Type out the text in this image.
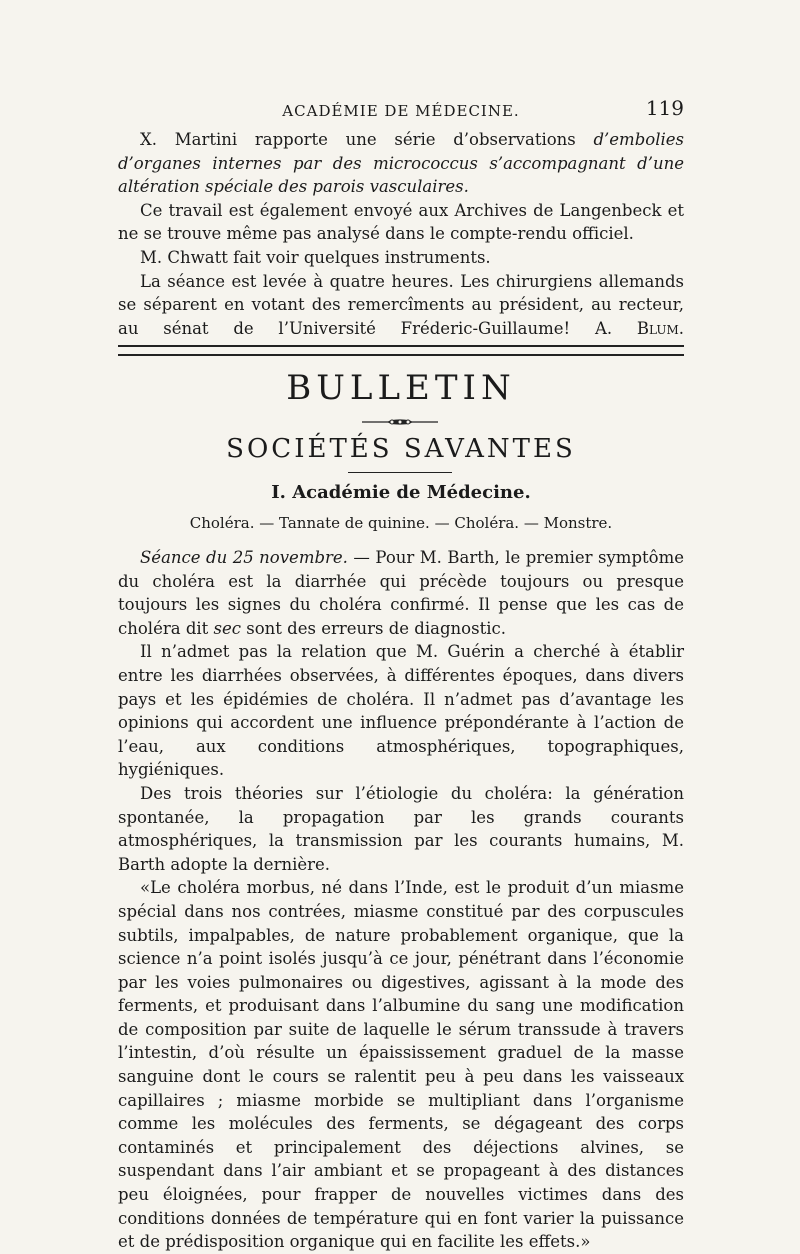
ACADÉMIE DE MÉDECINE.	119

X. Martini rapporte une série d’observations d’embolies d’organes internes par des micrococcus s’accompagnant d’une altération spéciale des parois vasculaires.

Ce travail est également envoyé aux Archives de Langenbeck et ne se trouve même pas analysé dans le compte-rendu officiel.

M. Chwatt fait voir quelques instruments.

La séance est levée à quatre heures. Les chirurgiens allemands se séparent en votant des remercîments au président, au recteur, au sénat de l’Université Fréderic-Guillaume! A. Blum.

BULLETIN
SOCIÉTÉS SAVANTES
I. Académie de Médecine.
Choléra. — Tannate de quinine. — Choléra. — Monstre.

Séance du 25 novembre. — Pour M. Barth, le premier symptôme du choléra est la diarrhée qui précède toujours ou presque toujours les signes du choléra confirmé. Il pense que les cas de choléra dit sec sont des erreurs de diagnostic.

Il n’admet pas la relation que M. Guérin a cherché à établir entre les diarrhées observées, à différentes époques, dans divers pays et les épidémies de choléra. Il n’admet pas d’avantage les opinions qui accordent une influence prépondérante à l’action de l’eau, aux conditions atmosphériques, topographiques, hygiéniques.

Des trois théories sur l’étiologie du choléra: la génération spontanée, la propagation par les grands courants atmosphériques, la transmission par les courants humains, M. Barth adopte la dernière.

«Le choléra morbus, né dans l’Inde, est le produit d’un miasme spécial dans nos contrées, miasme constitué par des corpuscules subtils, impalpables, de nature probablement organique, que la science n’a point isolés jusqu’à ce jour, pénétrant dans l’économie par les voies pulmonaires ou digestives, agissant à la mode des ferments, et produisant dans l’albumine du sang une modification de composition par suite de laquelle le sérum transsude à travers l’intestin, d’où résulte un épaississement graduel de la masse sanguine dont le cours se ralentit peu à peu dans les vaisseaux capillaires ; miasme morbide se multipliant dans l’organisme comme les molécules des ferments, se dégageant des corps contaminés et principalement des déjections alvines, se suspendant dans l’air ambiant et se propageant à des distances peu éloignées, pour frapper de nouvelles victimes dans des conditions données de température qui en font varier la puissance et de prédisposition organique qui en facilite les effets.»
